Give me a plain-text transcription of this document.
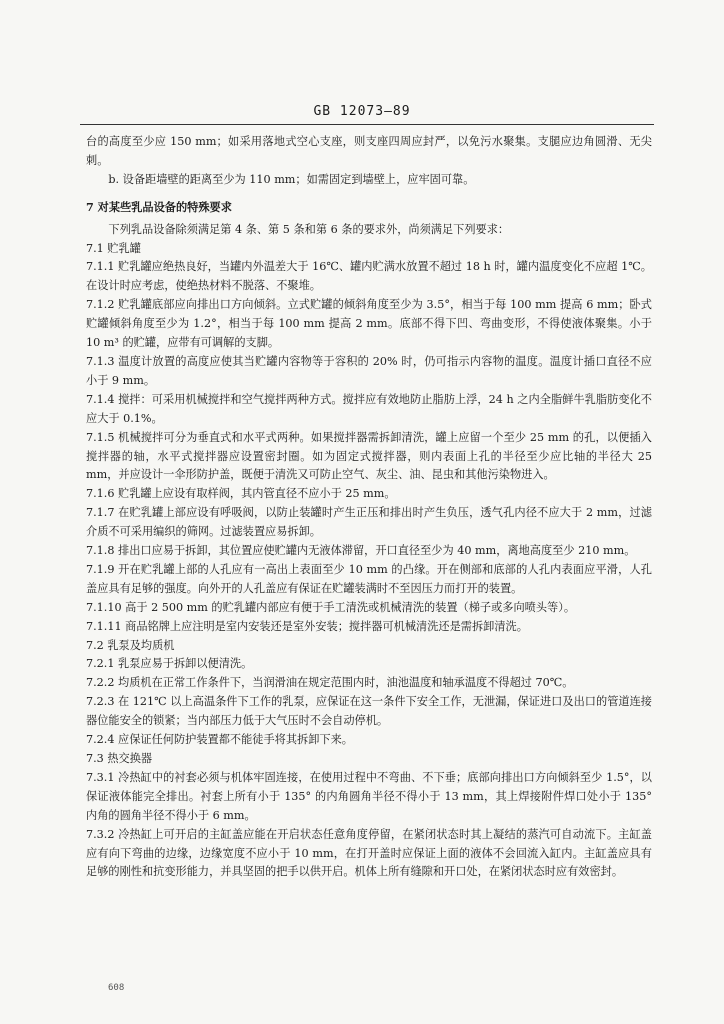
GB 12073—89

台的高度至少应 150 mm；如采用落地式空心支座，则支座四周应封严，以免污水聚集。支腿应边角圆滑、无尖刺。

b. 设备距墙壁的距离至少为 110 mm；如需固定到墙壁上，应牢固可靠。

7 对某些乳品设备的特殊要求

下列乳品设备除须满足第 4 条、第 5 条和第 6 条的要求外，尚须满足下列要求：

7.1 贮乳罐

7.1.1 贮乳罐应绝热良好，当罐内外温差大于 16℃、罐内贮满水放置不超过 18 h 时，罐内温度变化不应超 1℃。在设计时应考虑，使绝热材料不脱落、不聚堆。

7.1.2 贮乳罐底部应向排出口方向倾斜。立式贮罐的倾斜角度至少为 3.5°，相当于每 100 mm 提高 6 mm；卧式贮罐倾斜角度至少为 1.2°，相当于每 100 mm 提高 2 mm。底部不得下凹、弯曲变形，不得使液体聚集。小于 10 m³ 的贮罐，应带有可调解的支脚。

7.1.3 温度计放置的高度应使其当贮罐内容物等于容积的 20% 时，仍可指示内容物的温度。温度计插口直径不应小于 9 mm。

7.1.4 搅拌：可采用机械搅拌和空气搅拌两种方式。搅拌应有效地防止脂肪上浮，24 h 之内全脂鲜牛乳脂肪变化不应大于 0.1%。

7.1.5 机械搅拌可分为垂直式和水平式两种。如果搅拌器需拆卸清洗，罐上应留一个至少 25 mm 的孔，以便插入搅拌器的轴，水平式搅拌器应设置密封圈。如为固定式搅拌器，则内表面上孔的半径至少应比轴的半径大 25 mm，并应设计一伞形防护盖，既便于清洗又可防止空气、灰尘、油、昆虫和其他污染物进入。

7.1.6 贮乳罐上应设有取样阀，其内管直径不应小于 25 mm。

7.1.7 在贮乳罐上部应设有呼吸阀，以防止装罐时产生正压和排出时产生负压，透气孔内径不应大于 2 mm，过滤介质不可采用编织的筛网。过滤装置应易拆卸。

7.1.8 排出口应易于拆卸，其位置应使贮罐内无液体滞留，开口直径至少为 40 mm，离地高度至少 210 mm。

7.1.9 开在贮乳罐上部的人孔应有一高出上表面至少 10 mm 的凸缘。开在侧部和底部的人孔内表面应平滑，人孔盖应具有足够的强度。向外开的人孔盖应有保证在贮罐装满时不至因压力而打开的装置。

7.1.10 高于 2 500 mm 的贮乳罐内部应有便于手工清洗或机械清洗的装置（梯子或多向喷头等）。

7.1.11 商品铭牌上应注明是室内安装还是室外安装；搅拌器可机械清洗还是需拆卸清洗。

7.2 乳泵及均质机

7.2.1 乳泵应易于拆卸以便清洗。

7.2.2 均质机在正常工作条件下，当润滑油在规定范围内时，油池温度和轴承温度不得超过 70℃。

7.2.3 在 121℃ 以上高温条件下工作的乳泵，应保证在这一条件下安全工作，无泄漏，保证进口及出口的管道连接器位能安全的锁紧；当内部压力低于大气压时不会自动停机。

7.2.4 应保证任何防护装置都不能徒手将其拆卸下来。

7.3 热交换器

7.3.1 冷热缸中的衬套必须与机体牢固连接，在使用过程中不弯曲、不下垂；底部向排出口方向倾斜至少 1.5°，以保证液体能完全排出。衬套上所有小于 135° 的内角圆角半径不得小于 13 mm，其上焊接附件焊口处小于 135° 内角的圆角半径不得小于 6 mm。

7.3.2 冷热缸上可开启的主缸盖应能在开启状态任意角度停留，在紧闭状态时其上凝结的蒸汽可自动流下。主缸盖应有向下弯曲的边缘，边缘宽度不应小于 10 mm，在打开盖时应保证上面的液体不会回流入缸内。主缸盖应具有足够的刚性和抗变形能力，并具坚固的把手以供开启。机体上所有缝隙和开口处，在紧闭状态时应有效密封。

608
